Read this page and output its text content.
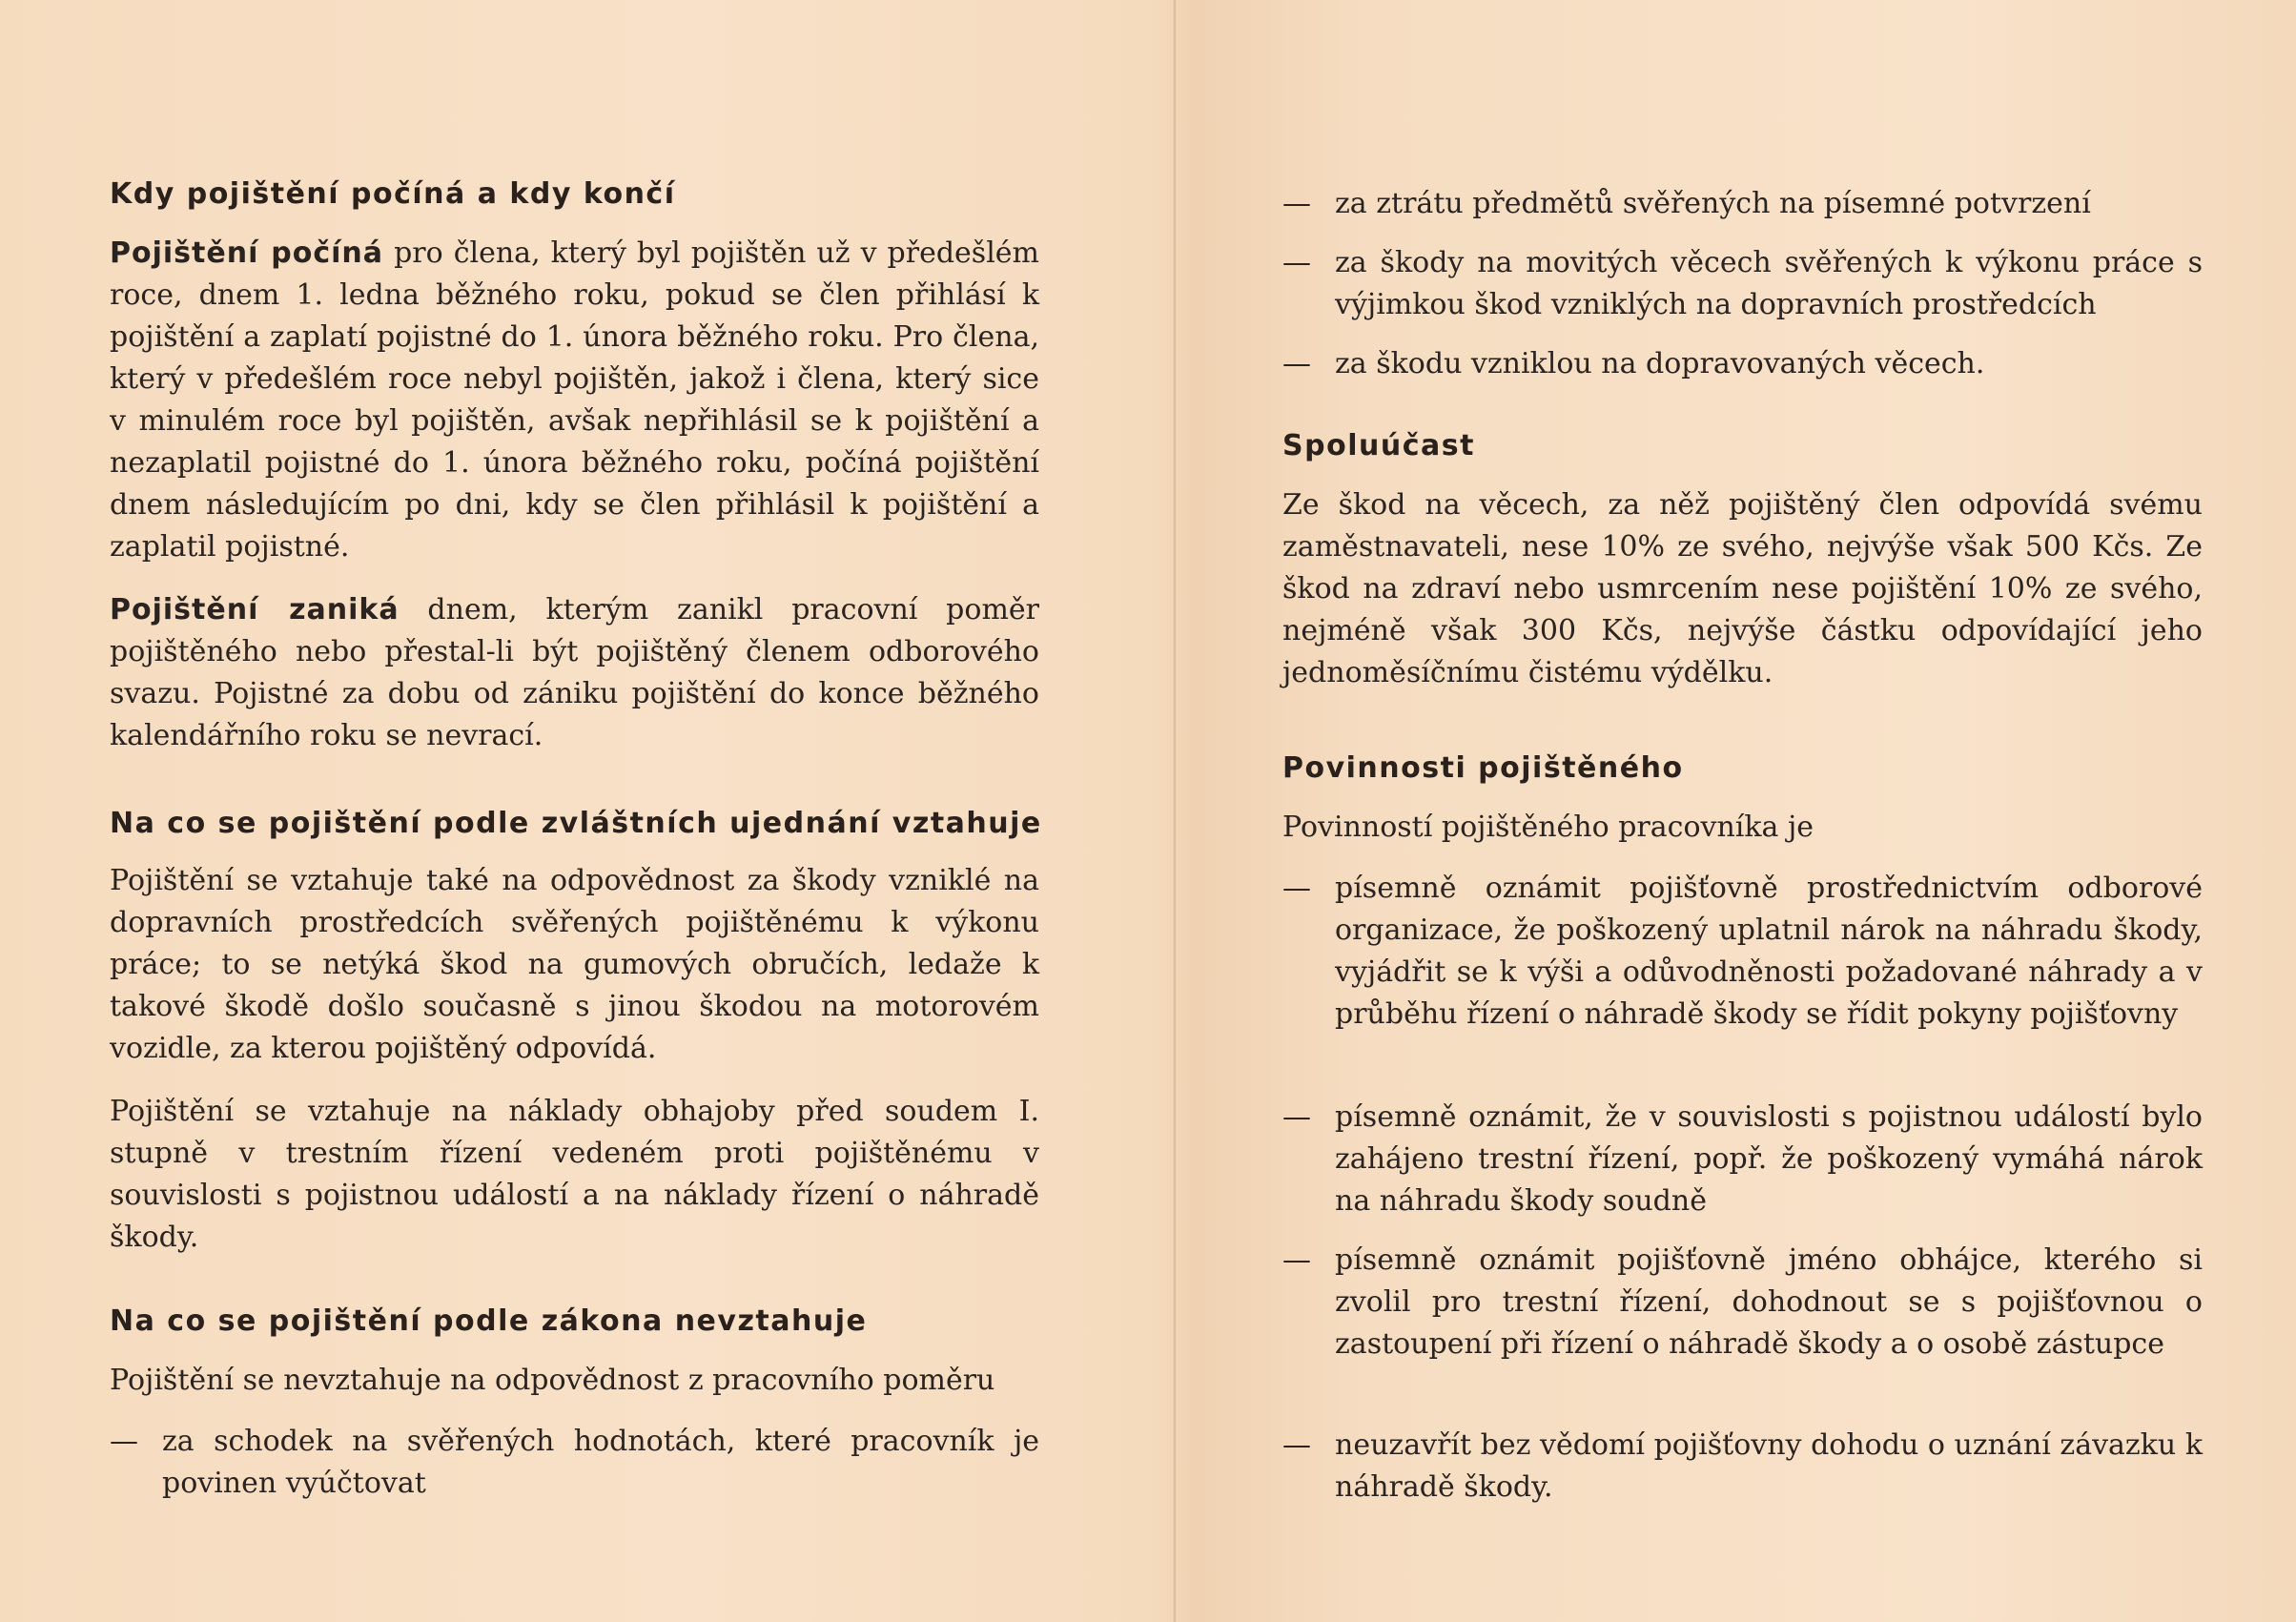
Kdy pojištění počíná a kdy končí
Pojištění počíná pro člena, který byl pojištěn už v předešlém roce, dnem 1. ledna běžného roku, pokud se člen přihlásí k pojištění a zaplatí pojistné do 1. února běžného roku. Pro člena, který v předešlém roce nebyl pojištěn, jakož i člena, který sice v minulém roce byl pojištěn, avšak nepřihlásil se k pojištění a nezaplatil pojistné do 1. února běžného roku, počíná pojištění dnem následujícím po dni, kdy se člen přihlásil k pojištění a zaplatil pojistné.
Pojištění zaniká dnem, kterým zanikl pracovní poměr pojištěného nebo přestal-li být pojištěný členem odborového svazu. Pojistné za dobu od zániku pojištění do konce běžného kalendářního roku se nevrací.
Na co se pojištění podle zvláštních ujednání vztahuje
Pojištění se vztahuje také na odpovědnost za škody vzniklé na dopravních prostředcích svěřených pojištěnému k výkonu práce; to se netýká škod na gumových obručích, ledaže k takové škodě došlo současně s jinou škodou na motorovém vozidle, za kterou pojištěný odpovídá.
Pojištění se vztahuje na náklady obhajoby před soudem I. stupně v trestním řízení vedeném proti pojištěnému v souvislosti s pojistnou událostí a na náklady řízení o náhradě škody.
Na co se pojištění podle zákona nevztahuje
Pojištění se nevztahuje na odpovědnost z pracovního poměru
— za schodek na svěřených hodnotách, které pracovník je povinen vyúčtovat
— za ztrátu předmětů svěřených na písemné potvrzení
— za škody na movitých věcech svěřených k výkonu práce s výjimkou škod vzniklých na dopravních prostředcích
— za škodu vzniklou na dopravovaných věcech.
Spoluúčast
Ze škod na věcech, za něž pojištěný člen odpovídá svému zaměstnavateli, nese 10% ze svého, nejvýše však 500 Kčs. Ze škod na zdraví nebo usmrcením nese pojištění 10% ze svého, nejméně však 300 Kčs, nejvýše částku odpovídající jeho jednoměsíčnímu čistému výdělku.
Povinnosti pojištěného
Povinností pojištěného pracovníka je
— písemně oznámit pojišťovně prostřednictvím odborové organizace, že poškozený uplatnil nárok na náhradu škody, vyjádřit se k výši a odůvodněnosti požadované náhrady a v průběhu řízení o náhradě škody se řídit pokyny pojišťovny
— písemně oznámit, že v souvislosti s pojistnou událostí bylo zahájeno trestní řízení, popř. že poškozený vymáhá nárok na náhradu škody soudně
— písemně oznámit pojišťovně jméno obhájce, kterého si zvolil pro trestní řízení, dohodnout se s pojišťovnou o zastoupení při řízení o náhradě škody a o osobě zástupce
— neuzavřít bez vědomí pojišťovny dohodu o uznání závazku k náhradě škody.
